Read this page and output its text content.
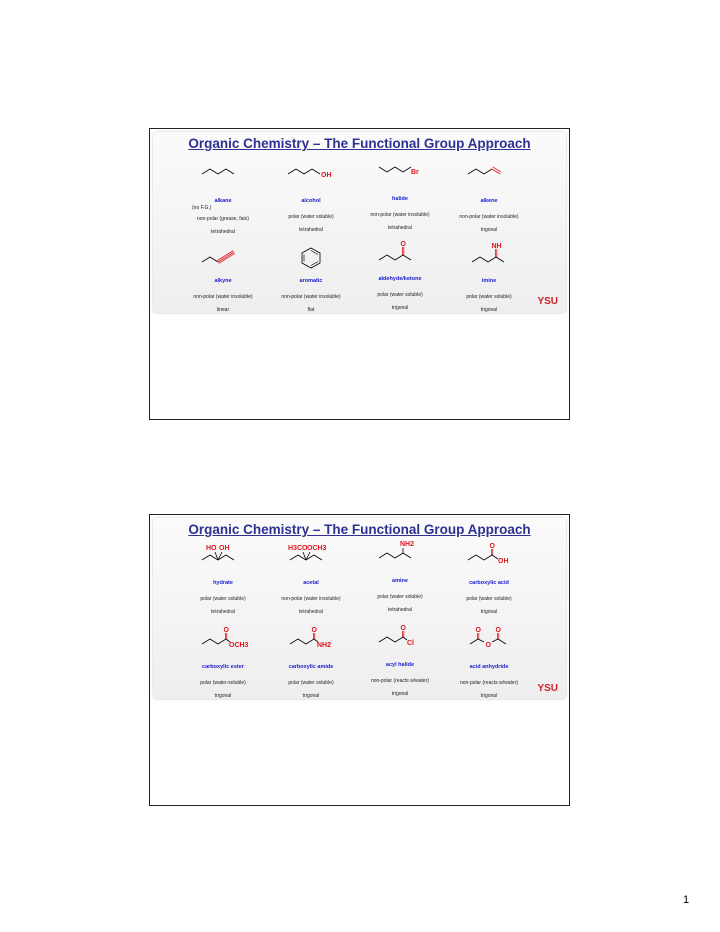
Organic Chemistry – The Functional Group Approach
alkane
(no F.G.)
non-polar (grease, fats)
tetrahedral
OH
alcohol
polar (water soluble)
tetrahedral
Br
halide
non-polar (water insoluble)
tetrahedral
alkene
non-polar (water insoluble)
trigonal
alkyne
non-polar (water insoluble)
linear
aromatic
non-polar (water insoluble)
flat
O
aldehyde/ketone
polar (water soluble)
trigonal
NH
imine
polar (water soluble)
trigonal
YSU
Organic Chemistry – The Functional Group Approach
HO OH
hydrate
polar (water soluble)
tetrahedral
H3CO OCH3
acetal
non-polar (water insoluble)
tetrahedral
NH2
amine
polar (water soluble)
tetrahedral
O
OH
carboxylic acid
polar (water soluble)
trigonal
O
OCH3
carboxylic ester
polar (water-soluble)
trigonal
O
NH2
carboxylic amide
polar (water soluble)
trigonal
O
Cl
acyl halide
non-polar (reacts w/water)
trigonal
O O
O
acid anhydride
non-polar (reacts w/water)
trigonal
YSU
1
